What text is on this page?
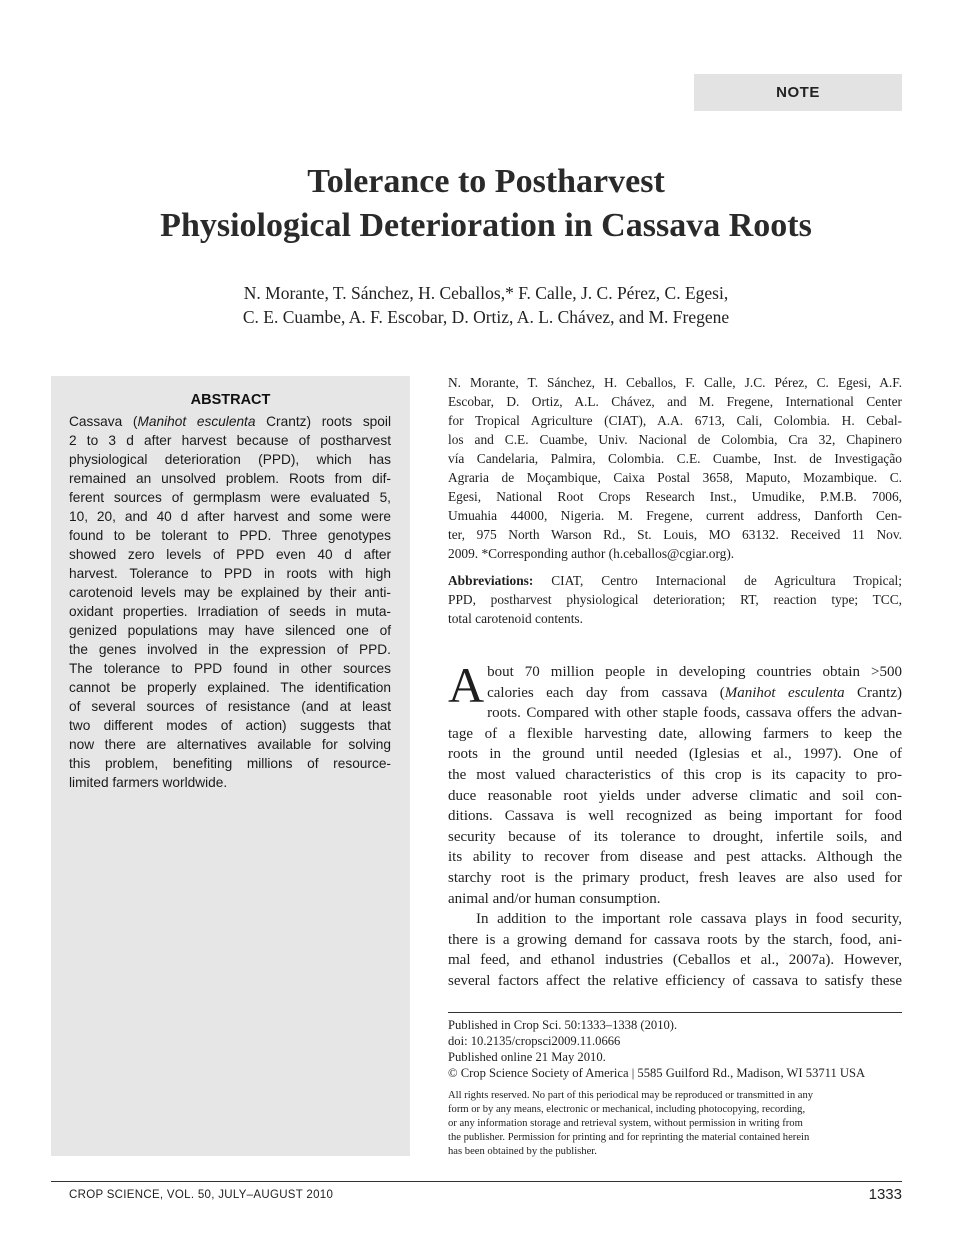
NOTE
Tolerance to Postharvest
Physiological Deterioration in Cassava Roots
N. Morante, T. Sánchez, H. Ceballos,* F. Calle, J. C. Pérez, C. Egesi,
C. E. Cuambe, A. F. Escobar, D. Ortiz, A. L. Chávez, and M. Fregene
ABSTRACT
Cassava (Manihot esculenta Crantz) roots spoil
2 to 3 d after harvest because of postharvest
physiological deterioration (PPD), which has
remained an unsolved problem. Roots from dif-
ferent sources of germplasm were evaluated 5,
10, 20, and 40 d after harvest and some were
found to be tolerant to PPD. Three genotypes
showed zero levels of PPD even 40 d after
harvest. Tolerance to PPD in roots with high
carotenoid levels may be explained by their anti-
oxidant properties. Irradiation of seeds in muta-
genized populations may have silenced one of
the genes involved in the expression of PPD.
The tolerance to PPD found in other sources
cannot be properly explained. The identification
of several sources of resistance (and at least
two different modes of action) suggests that
now there are alternatives available for solving
this problem, benefiting millions of resource-
limited farmers worldwide.
N. Morante, T. Sánchez, H. Ceballos, F. Calle, J.C. Pérez, C. Egesi, A.F.
Escobar, D. Ortiz, A.L. Chávez, and M. Fregene, International Center
for Tropical Agriculture (CIAT), A.A. 6713, Cali, Colombia. H. Cebal-
los and C.E. Cuambe, Univ. Nacional de Colombia, Cra 32, Chapinero
vía Candelaria, Palmira, Colombia. C.E. Cuambe, Inst. de Investigação
Agraria de Moçambique, Caixa Postal 3658, Maputo, Mozambique. C.
Egesi, National Root Crops Research Inst., Umudike, P.M.B. 7006,
Umuahia 44000, Nigeria. M. Fregene, current address, Danforth Cen-
ter, 975 North Warson Rd., St. Louis, MO 63132. Received 11 Nov.
2009. *Corresponding author (h.ceballos@cgiar.org).
Abbreviations: CIAT, Centro Internacional de Agricultura Tropical;
PPD, postharvest physiological deterioration; RT, reaction type; TCC,
total carotenoid contents.
A bout 70 million people in developing countries obtain >500
calories each day from cassava (Manihot esculenta Crantz)
roots. Compared with other staple foods, cassava offers the advan-
tage of a flexible harvesting date, allowing farmers to keep the
roots in the ground until needed (Iglesias et al., 1997). One of
the most valued characteristics of this crop is its capacity to pro-
duce reasonable root yields under adverse climatic and soil con-
ditions. Cassava is well recognized as being important for food
security because of its tolerance to drought, infertile soils, and
its ability to recover from disease and pest attacks. Although the
starchy root is the primary product, fresh leaves are also used for
animal and/or human consumption.
In addition to the important role cassava plays in food security,
there is a growing demand for cassava roots by the starch, food, ani-
mal feed, and ethanol industries (Ceballos et al., 2007a). However,
several factors affect the relative efficiency of cassava to satisfy these
Published in Crop Sci. 50:1333–1338 (2010).
doi: 10.2135/cropsci2009.11.0666
Published online 21 May 2010.
© Crop Science Society of America | 5585 Guilford Rd., Madison, WI 53711 USA
All rights reserved. No part of this periodical may be reproduced or transmitted in any
form or by any means, electronic or mechanical, including photocopying, recording,
or any information storage and retrieval system, without permission in writing from
the publisher. Permission for printing and for reprinting the material contained herein
has been obtained by the publisher.
CROP SCIENCE, VOL. 50, JULY–AUGUST 2010	1333
